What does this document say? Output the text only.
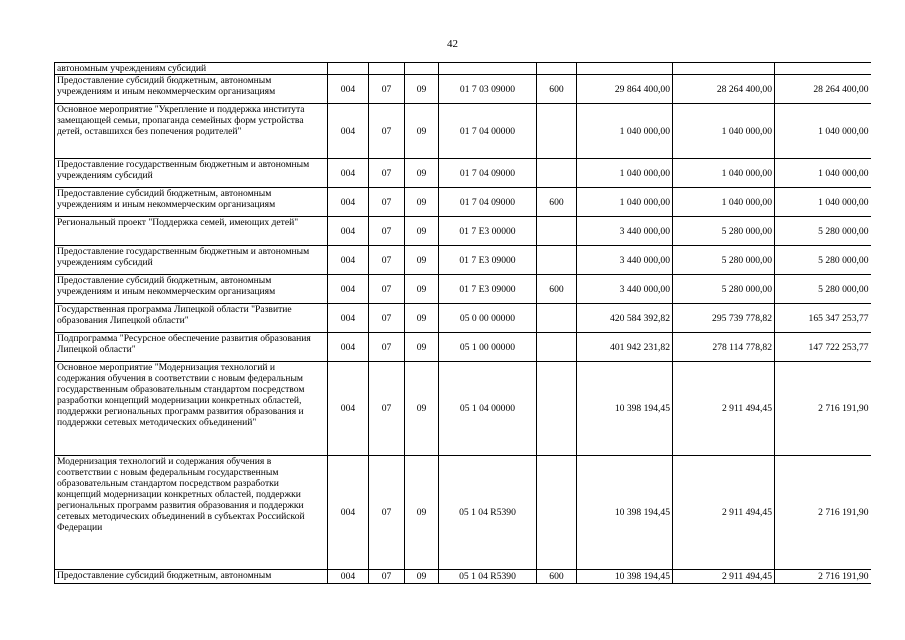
42
автономным учреждениям субсидий								
Предоставление субсидий бюджетным, автономным учреждениям и иным некоммерческим организациям	004	07	09	01 7 03 09000	600	29 864 400,00	28 264 400,00	28 264 400,00
Основное мероприятие "Укрепление и поддержка института замещающей семьи, пропаганда семейных форм устройства детей, оставшихся без попечения родителей"	004	07	09	01 7 04 00000		1 040 000,00	1 040 000,00	1 040 000,00
Предоставление государственным бюджетным и автономным учреждениям субсидий	004	07	09	01 7 04 09000		1 040 000,00	1 040 000,00	1 040 000,00
Предоставление субсидий бюджетным, автономным учреждениям и иным некоммерческим организациям	004	07	09	01 7 04 09000	600	1 040 000,00	1 040 000,00	1 040 000,00
Региональный проект "Поддержка семей, имеющих детей"	004	07	09	01 7 Е3 00000		3 440 000,00	5 280 000,00	5 280 000,00
Предоставление государственным бюджетным и автономным учреждениям субсидий	004	07	09	01 7 Е3 09000		3 440 000,00	5 280 000,00	5 280 000,00
Предоставление субсидий бюджетным, автономным учреждениям и иным некоммерческим организациям	004	07	09	01 7 Е3 09000	600	3 440 000,00	5 280 000,00	5 280 000,00
Государственная программа Липецкой области "Развитие образования Липецкой области"	004	07	09	05 0 00 00000		420 584 392,82	295 739 778,82	165 347 253,77
Подпрограмма "Ресурсное обеспечение развития образования Липецкой области"	004	07	09	05 1 00 00000		401 942 231,82	278 114 778,82	147 722 253,77
Основное мероприятие "Модернизация технологий и содержания обучения в соответствии с новым федеральным государственным образовательным стандартом посредством разработки концепций модернизации конкретных областей, поддержки региональных программ развития образования и поддержки сетевых методических объединений"	004	07	09	05 1 04 00000		10 398 194,45	2 911 494,45	2 716 191,90
Модернизация технологий и содержания обучения в соответствии с новым федеральным государственным образовательным стандартом посредством разработки концепций модернизации конкретных областей, поддержки региональных программ развития образования и поддержки сетевых методических объединений в субъектах Российской Федерации	004	07	09	05 1 04 R5390		10 398 194,45	2 911 494,45	2 716 191,90
Предоставление субсидий бюджетным, автономным	004	07	09	05 1 04 R5390	600	10 398 194,45	2 911 494,45	2 716 191,90
